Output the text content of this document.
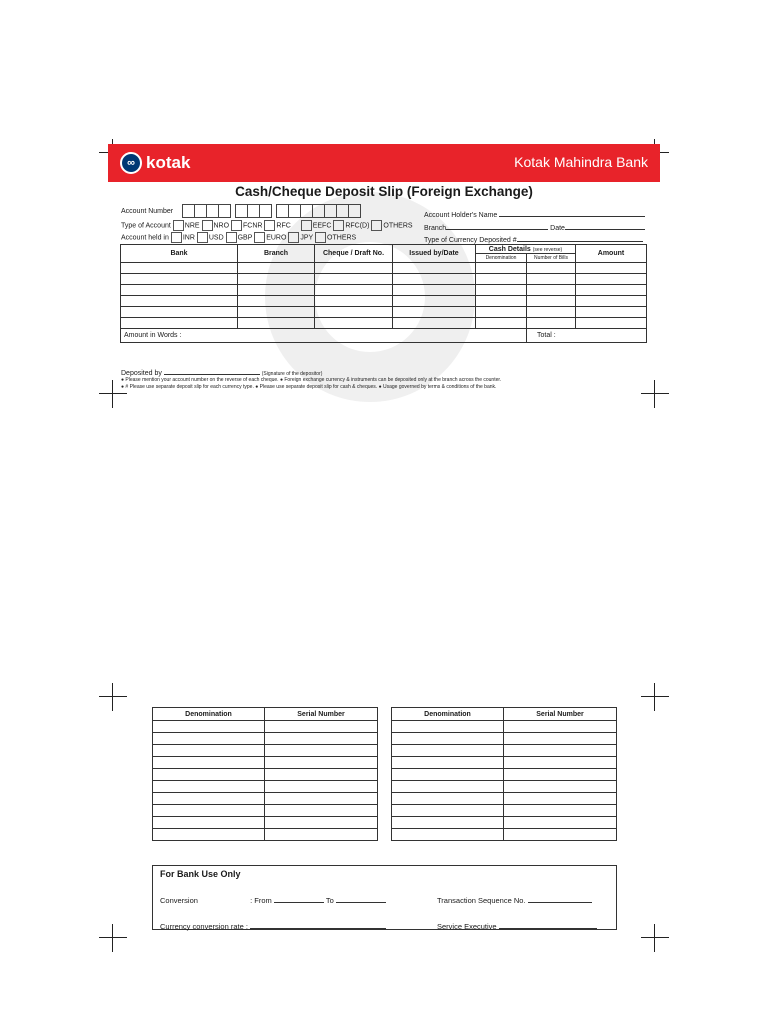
∞ kotak	Kotak Mahindra Bank
Cash/Cheque Deposit Slip (Foreign Exchange)
Account Number
Account Holder's Name
Type of Account NRE NRO FCNR RFC	EEFC RFC(D) OTHERS Branch	Date
Account held in INR USD GBP EURO JPY OTHERS	Type of Currency Deposited #
Bank	Branch	Cheque / Draft No.	Issued by/Date	Cash Details (see reverse)		Amount
				Denomination	Number of Bills	

Amount in Words :					Total :	
Deposited by	(Signature of the depositor)
● Please mention your account number on the reverse of each cheque. ● Foreign exchange currency & instruments can be deposited only at the branch across the counter.
● # Please use separate deposit slip for each currency type. ● Please use separate deposit slip for cash & cheques. ● Usage governed by terms & conditions of the bank.
Denomination	Serial Number

		Denomination	Serial Number

For Bank Use Only
Conversion	: From	To	Transaction Sequence No.
Currency conversion rate :	Service Executive
